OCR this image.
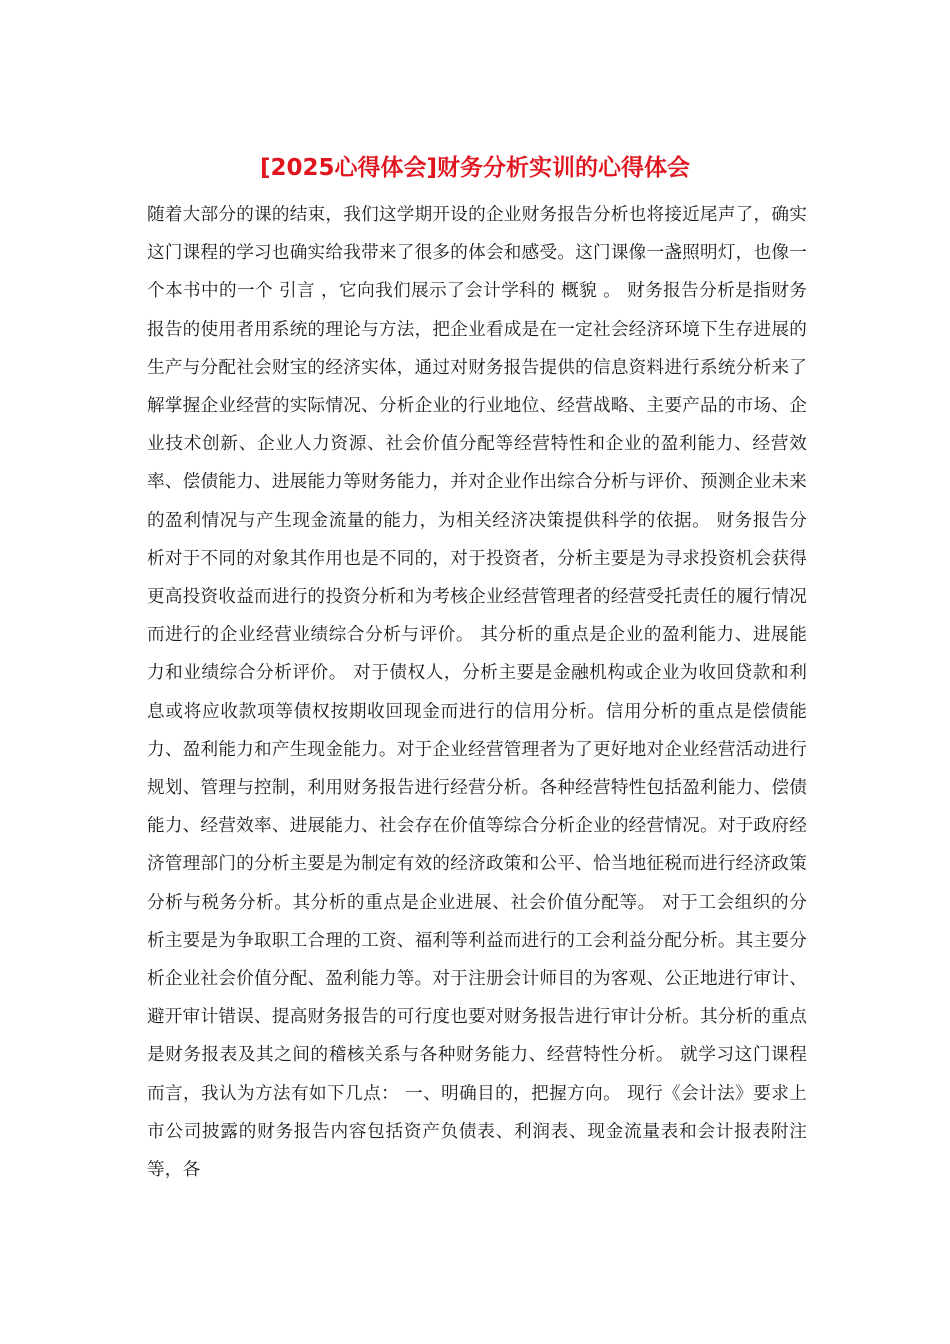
[2025心得体会]财务分析实训的心得体会

随着大部分的课的结束，我们这学期开设的企业财务报告分析也将接近尾声了，确实这门课程的学习也确实给我带来了很多的体会和感受。这门课像一盏照明灯，也像一个本书中的一个 引言 ，它向我们展示了会计学科的 概貌 。 财务报告分析是指财务报告的使用者用系统的理论与方法，把企业看成是在一定社会经济环境下生存进展的生产与分配社会财宝的经济实体，通过对财务报告提供的信息资料进行系统分析来了解掌握企业经营的实际情况、分析企业的行业地位、经营战略、主要产品的市场、企业技术创新、企业人力资源、社会价值分配等经营特性和企业的盈利能力、经营效率、偿债能力、进展能力等财务能力，并对企业作出综合分析与评价、预测企业未来的盈利情况与产生现金流量的能力，为相关经济决策提供科学的依据。 财务报告分析对于不同的对象其作用也是不同的，对于投资者，分析主要是为寻求投资机会获得更高投资收益而进行的投资分析和为考核企业经营管理者的经营受托责任的履行情况而进行的企业经营业绩综合分析与评价。 其分析的重点是企业的盈利能力、进展能力和业绩综合分析评价。 对于债权人，分析主要是金融机构或企业为收回贷款和利息或将应收款项等债权按期收回现金而进行的信用分析。信用分析的重点是偿债能力、盈利能力和产生现金能力。对于企业经营管理者为了更好地对企业经营活动进行规划、管理与控制，利用财务报告进行经营分析。各种经营特性包括盈利能力、偿债能力、经营效率、进展能力、社会存在价值等综合分析企业的经营情况。对于政府经济管理部门的分析主要是为制定有效的经济政策和公平、恰当地征税而进行经济政策分析与税务分析。其分析的重点是企业进展、社会价值分配等。 对于工会组织的分析主要是为争取职工合理的工资、福利等利益而进行的工会利益分配分析。其主要分析企业社会价值分配、盈利能力等。对于注册会计师目的为客观、公正地进行审计、避开审计错误、提高财务报告的可行度也要对财务报告进行审计分析。其分析的重点是财务报表及其之间的稽核关系与各种财务能力、经营特性分析。 就学习这门课程而言，我认为方法有如下几点： 一、明确目的，把握方向。 现行《会计法》要求上市公司披露的财务报告内容包括资产负债表、利润表、现金流量表和会计报表附注等，各
